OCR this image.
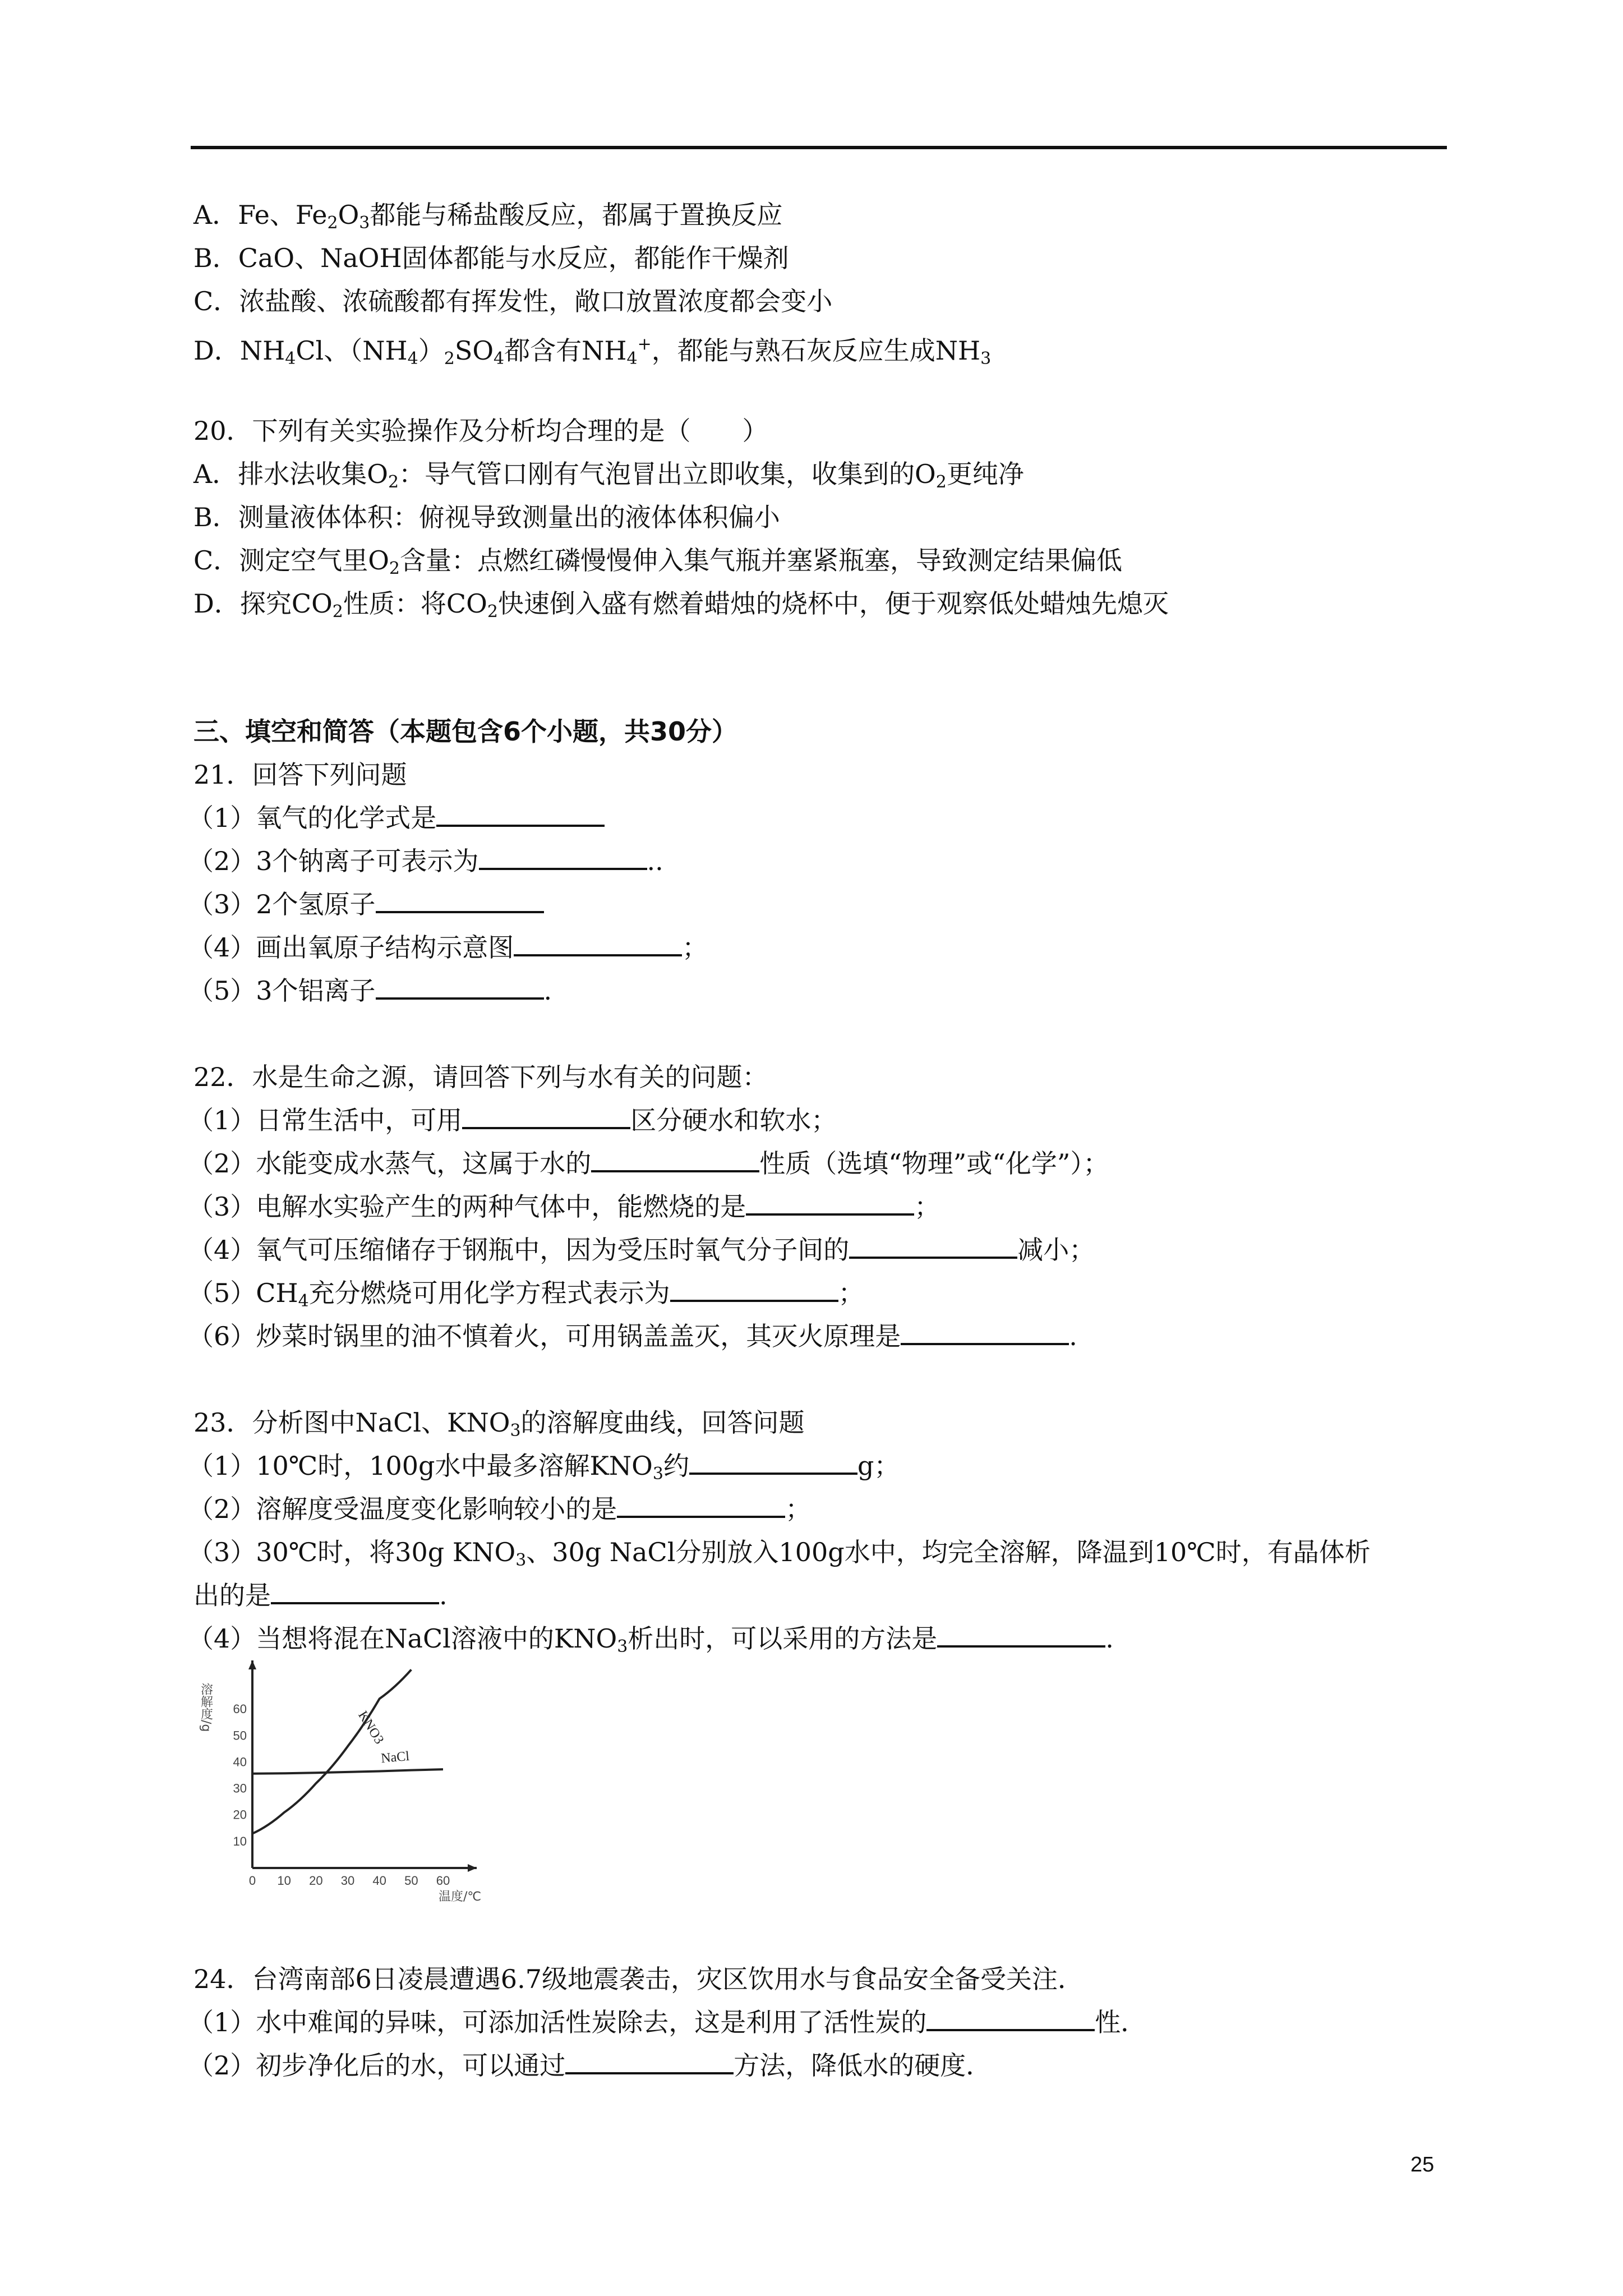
A．Fe、$Fe_2O_3$都能与稀盐酸反应，都属于置换反应
B．CaO、NaOH固体都能与水反应，都能作干燥剂
C．浓盐酸、浓硫酸都有挥发性，敞口放置浓度都会变小
D．$NH_4Cl$、$(NH_4)_2SO_4$都含有$NH_4^+$，都能与熟石灰反应生成$NH_3$
20．下列有关实验操作及分析均合理的是（　　）
A．排水法收集$O_2$：导气管口刚有气泡冒出立即收集，收集到的$O_2$更纯净
B．测量液体体积：俯视导致测量出的液体体积偏小
C．测定空气里$O_2$含量：点燃红磷慢慢伸入集气瓶并塞紧瓶塞，导致测定结果偏低
D．探究$CO_2$性质：将$CO_2$快速倒入盛有燃着蜡烛的烧杯中，便于观察低处蜡烛先熄灭
三、填空和简答（本题包含6个小题，共30分）
21．回答下列问题
（1）氧气的化学式是
（2）3个钠离子可表示为	..
（3）2个氢原子
（4）画出氧原子结构示意图	；
（5）3个铝离子	.
22．水是生命之源，请回答下列与水有关的问题：
（1）日常生活中，可用	区分硬水和软水；
（2）水能变成水蒸气，这属于水的	性质（选填“物理”或“化学”）；
（3）电解水实验产生的两种气体中，能燃烧的是	；
（4）氧气可压缩储存于钢瓶中，因为受压时氧气分子间的	减小；
$(5)CH_4$充分燃烧可用化学方程式表示为	；
（6）炒菜时锅里的油不慎着火，可用锅盖盖灭，其灭火原理是	.
23．分析图中NaCl、$KNO_3$的溶解度曲线，回答问题
（1）10℃时，100g水中最多溶解$KNO_3$约	g；
（2）溶解度受温度变化影响较小的是	；
（3）30℃时，将30g $KNO_3$、30g NaCl分别放入100g水中，均完全溶解，降温到10℃时，有晶体析
出的是	.
（4）当想将混在NaCl溶液中的$KNO_3$析出时，可以采用的方法是	.
0 10 20 30 40 50 60
10
20
30
40
50
60
溶解度/g
温度/℃
KNO3
NaCl
24．台湾南部6日凌晨遭遇6.7级地震袭击，灾区饮用水与食品安全备受关注．
（1）水中难闻的异味，可添加活性炭除去，这是利用了活性炭的	性．
（2）初步净化后的水，可以通过	方法，降低水的硬度．
25
